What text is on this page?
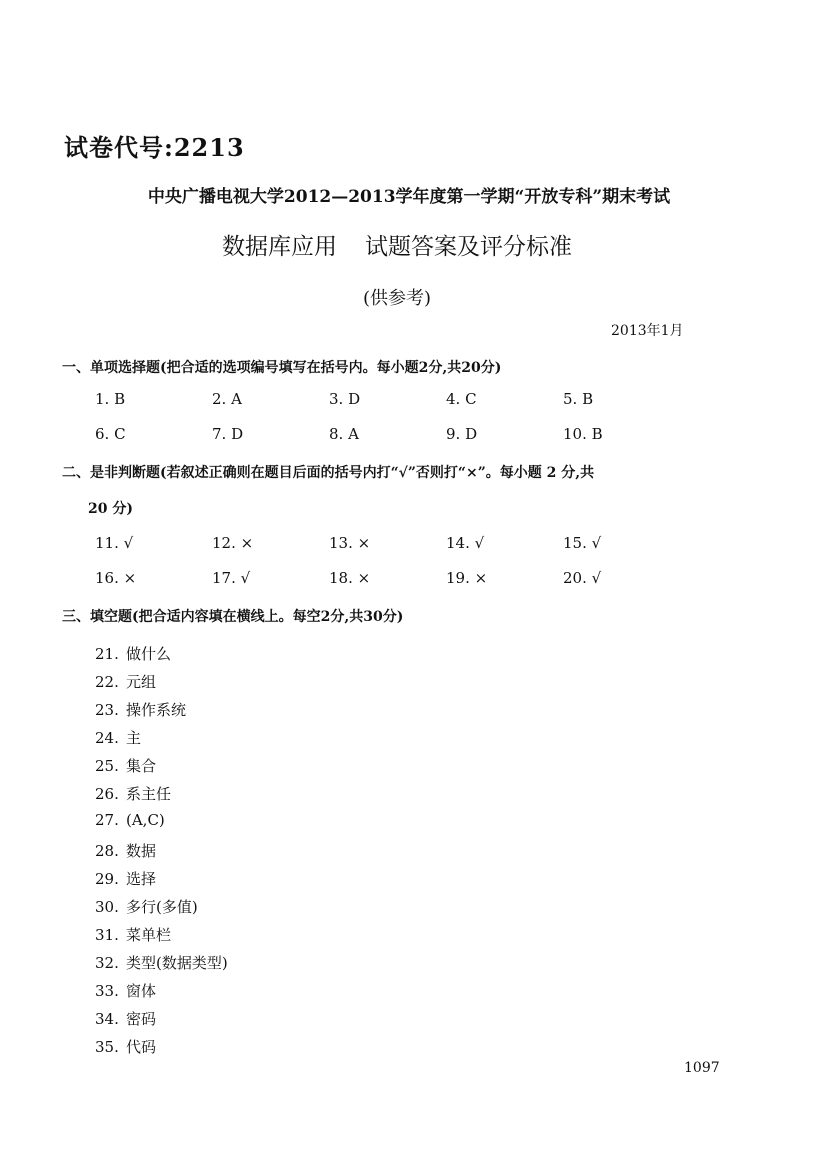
试卷代号:2213
中央广播电视大学2012—2013学年度第一学期“开放专科”期末考试
数据库应用 试题答案及评分标准
(供参考)
2013年1月
一、单项选择题(把合适的选项编号填写在括号内。每小题2分,共20分)
1. B	2. A	3. D	4. C	5. B
6. C	7. D	8. A	9. D	10. B
二、是非判断题(若叙述正确则在题目后面的括号内打“√”否则打“×”。每小题 2 分,共
20 分)
11. √	12. ×	13. ×	14. √	15. √
16. ×	17. √	18. ×	19. ×	20. √
三、填空题(把合适内容填在横线上。每空2分,共30分)
21. 做什么
22. 元组
23. 操作系统
24. 主
25. 集合
26. 系主任
27. (A,C)
28. 数据
29. 选择
30. 多行(多值)
31. 菜单栏
32. 类型(数据类型)
33. 窗体
34. 密码
35. 代码
1097
